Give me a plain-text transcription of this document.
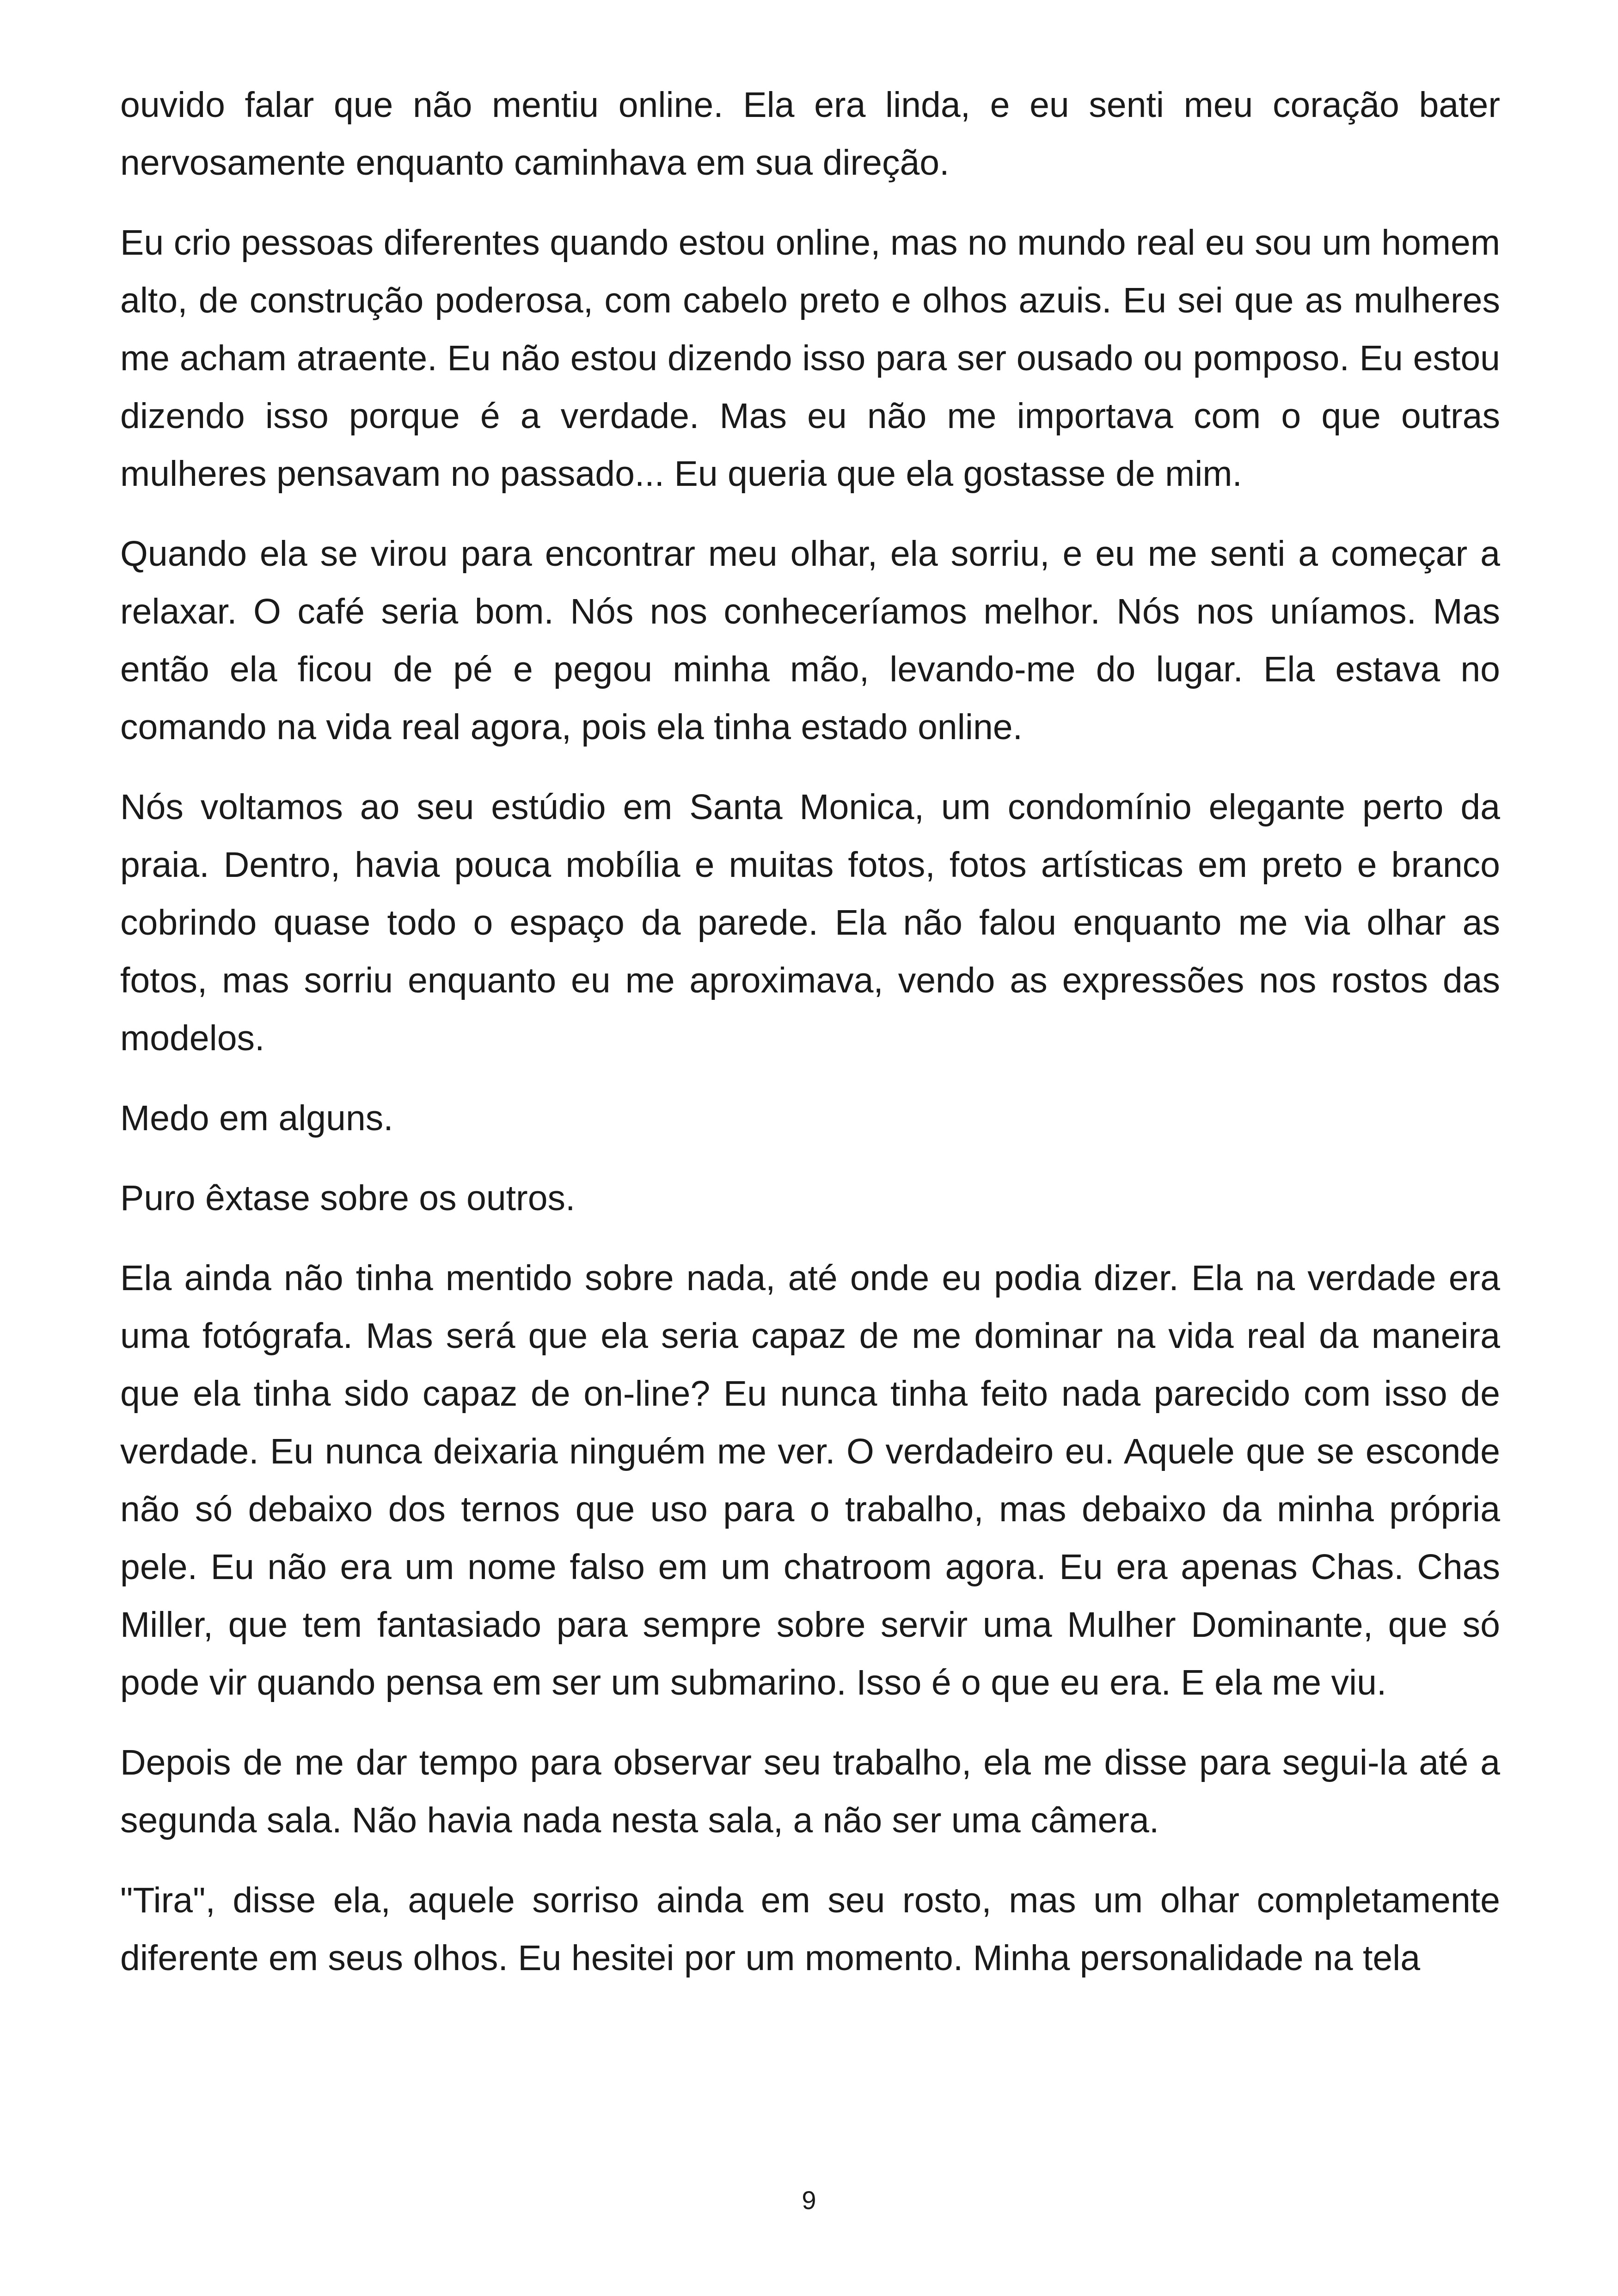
ouvido falar que não mentiu online. Ela era linda, e eu senti meu coração bater nervosamente enquanto caminhava em sua direção.

Eu crio pessoas diferentes quando estou online, mas no mundo real eu sou um homem alto, de construção poderosa, com cabelo preto e olhos azuis. Eu sei que as mulheres me acham atraente. Eu não estou dizendo isso para ser ousado ou pomposo. Eu estou dizendo isso porque é a verdade. Mas eu não me importava com o que outras mulheres pensavam no passado... Eu queria que ela gostasse de mim.

Quando ela se virou para encontrar meu olhar, ela sorriu, e eu me senti a começar a relaxar. O café seria bom. Nós nos conheceríamos melhor. Nós nos uníamos. Mas então ela ficou de pé e pegou minha mão, levando-me do lugar. Ela estava no comando na vida real agora, pois ela tinha estado online.

Nós voltamos ao seu estúdio em Santa Monica, um condomínio elegante perto da praia. Dentro, havia pouca mobília e muitas fotos, fotos artísticas em preto e branco cobrindo quase todo o espaço da parede. Ela não falou enquanto me via olhar as fotos, mas sorriu enquanto eu me aproximava, vendo as expressões nos rostos das modelos.

Medo em alguns.

Puro êxtase sobre os outros.

Ela ainda não tinha mentido sobre nada, até onde eu podia dizer. Ela na verdade era uma fotógrafa. Mas será que ela seria capaz de me dominar na vida real da maneira que ela tinha sido capaz de on-line? Eu nunca tinha feito nada parecido com isso de verdade. Eu nunca deixaria ninguém me ver. O verdadeiro eu. Aquele que se esconde não só debaixo dos ternos que uso para o trabalho, mas debaixo da minha própria pele. Eu não era um nome falso em um chatroom agora. Eu era apenas Chas. Chas Miller, que tem fantasiado para sempre sobre servir uma Mulher Dominante, que só pode vir quando pensa em ser um submarino. Isso é o que eu era. E ela me viu.

Depois de me dar tempo para observar seu trabalho, ela me disse para segui-la até a segunda sala. Não havia nada nesta sala, a não ser uma câmera.

"Tira", disse ela, aquele sorriso ainda em seu rosto, mas um olhar completamente diferente em seus olhos. Eu hesitei por um momento. Minha personalidade na tela

9
